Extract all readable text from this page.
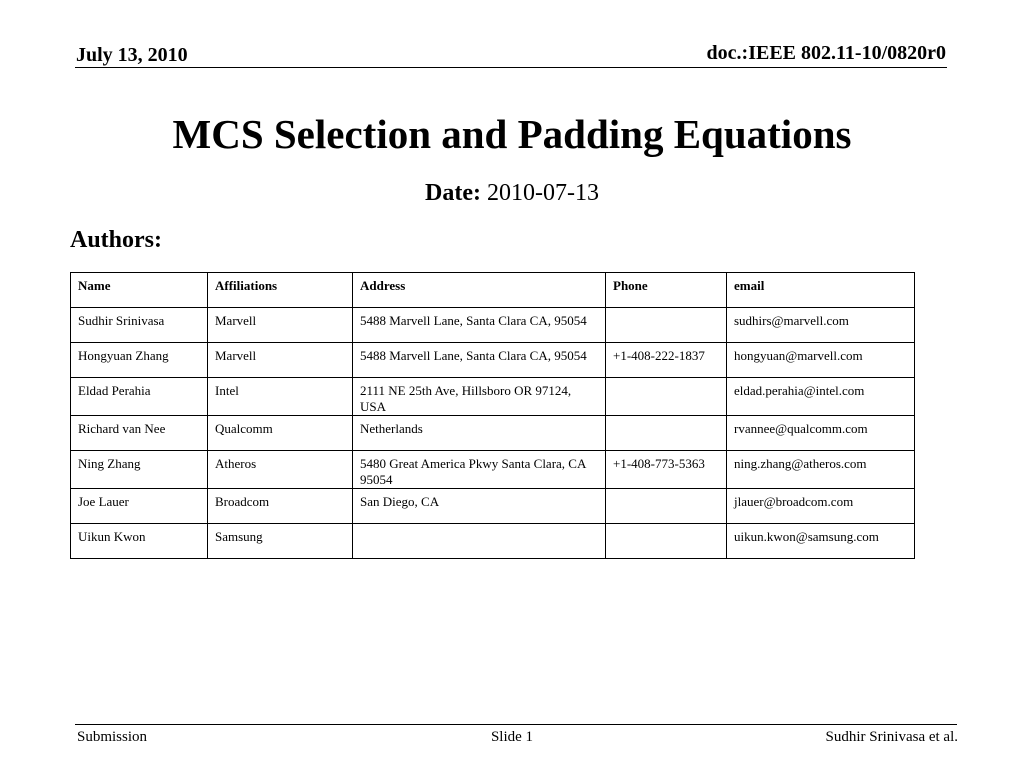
July 13, 2010	doc.:IEEE 802.11-10/0820r0
MCS Selection and Padding Equations
Date: 2010-07-13
Authors:
Name	Affiliations	Address	Phone	email
Sudhir Srinivasa	Marvell	5488 Marvell Lane, Santa Clara CA, 95054		sudhirs@marvell.com
Hongyuan Zhang	Marvell	5488 Marvell Lane, Santa Clara CA, 95054	+1-408-222-1837	hongyuan@marvell.com
Eldad Perahia	Intel	2111 NE 25th Ave, Hillsboro OR 97124, USA		eldad.perahia@intel.com
Richard van Nee	Qualcomm	Netherlands		rvannee@qualcomm.com
Ning Zhang	Atheros	5480 Great America Pkwy Santa Clara, CA 95054	+1-408-773-5363	ning.zhang@atheros.com
Joe Lauer	Broadcom	San Diego, CA		jlauer@broadcom.com
Uikun Kwon	Samsung			uikun.kwon@samsung.com
Submission	Slide 1	Sudhir Srinivasa et al.
